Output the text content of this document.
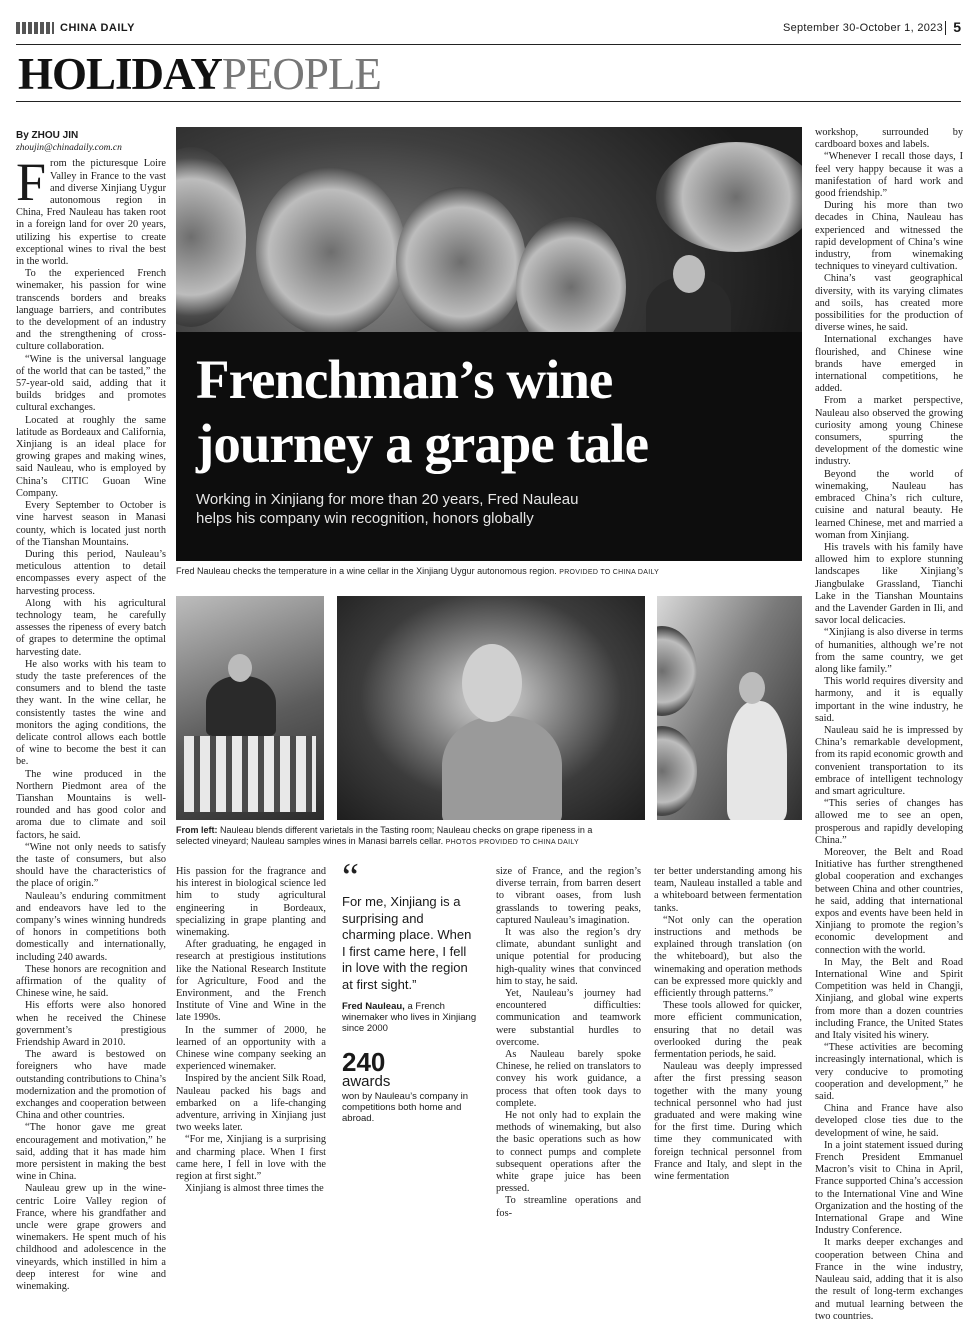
CHINA DAILY	September 30-October 1, 2023 5
HOLIDAYPEOPLE
By ZHOU JIN
zhoujin@chinadaily.com.cn

From the picturesque Loire Valley in France to the vast and diverse Xinjiang Uygur autonomous region in China, Fred Nauleau has taken root in a foreign land for over 20 years, utilizing his expertise to create exceptional wines to rival the best in the world.

To the experienced French winemaker, his passion for wine transcends borders and breaks language barriers, and contributes to the development of an industry and the strengthening of cross-culture collaboration.

“Wine is the universal language of the world that can be tasted,” the 57-year-old said, adding that it builds bridges and promotes cultural exchanges.

Located at roughly the same latitude as Bordeaux and California, Xinjiang is an ideal place for growing grapes and making wines, said Nauleau, who is employed by China’s CITIC Guoan Wine Company.

Every September to October is vine harvest season in Manasi county, which is located just north of the Tianshan Mountains.

During this period, Nauleau’s meticulous attention to detail encompasses every aspect of the harvesting process.

Along with his agricultural technology team, he carefully assesses the ripeness of every batch of grapes to determine the optimal harvesting date.

He also works with his team to study the taste preferences of the consumers and to blend the taste they want. In the wine cellar, he consistently tastes the wine and monitors the aging conditions, the delicate control allows each bottle of wine to become the best it can be.

The wine produced in the Northern Piedmont area of the Tianshan Mountains is well-rounded and has good color and aroma due to climate and soil factors, he said.

“Wine not only needs to satisfy the taste of consumers, but also should have the characteristics of the place of origin.”

Nauleau’s enduring commitment and endeavors have led to the company’s wines winning hundreds of honors in competitions both domestically and internationally, including 240 awards.

These honors are recognition and affirmation of the quality of Chinese wine, he said.

His efforts were also honored when he received the Chinese government’s prestigious Friendship Award in 2010.

The award is bestowed on foreigners who have made outstanding contributions to China’s modernization and the promotion of exchanges and cooperation between China and other countries.

“The honor gave me great encouragement and motivation,” he said, adding that it has made him more persistent in making the best wine in China.

Nauleau grew up in the wine-centric Loire Valley region of France, where his grandfather and uncle were grape growers and winemakers. He spent much of his childhood and adolescence in the vineyards, which instilled in him a deep interest for wine and winemaking.

Frenchman’s wine
journey a grape tale
Working in Xinjiang for more than 20 years, Fred Nauleau
helps his company win recognition, honors globally
Fred Nauleau checks the temperature in a wine cellar in the Xinjiang Uygur autonomous region. PROVIDED TO CHINA DAILY
From left: Nauleau blends different varietals in the Tasting room; Nauleau checks on grape ripeness in a selected vineyard; Nauleau samples wines in Manasi barrels cellar. PHOTOS PROVIDED TO CHINA DAILY

His passion for the fragrance and his interest in biological science led him to study agricultural engineering in Bordeaux, specializing in grape planting and winemaking.

After graduating, he engaged in research at prestigious institutions like the National Research Institute for Agriculture, Food and the Environment, and the French Institute of Vine and Wine in the late 1990s.

In the summer of 2000, he learned of an opportunity with a Chinese wine company seeking an experienced winemaker.

Inspired by the ancient Silk Road, Nauleau packed his bags and embarked on a life-changing adventure, arriving in Xinjiang just two weeks later.

“For me, Xinjiang is a surprising and charming place. When I first came here, I fell in love with the region at first sight.”

Xinjiang is almost three times the

“
For me, Xinjiang is a surprising and charming place. When I first came here, I fell in love with the region at first sight.”
Fred Nauleau, a French winemaker who lives in Xinjiang since 2000
240
awards
won by Nauleau’s company in competitions both home and abroad.

size of France, and the region’s diverse terrain, from barren desert to vibrant oases, from lush grasslands to towering peaks, captured Nauleau’s imagination.

It was also the region’s dry climate, abundant sunlight and unique potential for producing high-quality wines that convinced him to stay, he said.

Yet, Nauleau’s journey had encountered difficulties: communication and teamwork were substantial hurdles to overcome.

As Nauleau barely spoke Chinese, he relied on translators to convey his work guidance, a process that often took days to complete.

He not only had to explain the methods of winemaking, but also the basic operations such as how to connect pumps and complete subsequent operations after the white grape juice has been pressed.

To streamline operations and fos-

ter better understanding among his team, Nauleau installed a table and a whiteboard between fermentation tanks.

“Not only can the operation instructions and methods be explained through translation (on the whiteboard), but also the winemaking and operation methods can be expressed more quickly and efficiently through patterns.”

These tools allowed for quicker, more efficient communication, ensuring that no detail was overlooked during the peak fermentation periods, he said.

Nauleau was deeply impressed after the first pressing season together with the many young technical personnel who had just graduated and were making wine for the first time. During which time they communicated with foreign technical personnel from France and Italy, and slept in the wine fermentation

workshop, surrounded by cardboard boxes and labels.

“Whenever I recall those days, I feel very happy because it was a manifestation of hard work and good friendship.”

During his more than two decades in China, Nauleau has experienced and witnessed the rapid development of China’s wine industry, from winemaking techniques to vineyard cultivation.

China’s vast geographical diversity, with its varying climates and soils, has created more possibilities for the production of diverse wines, he said.

International exchanges have flourished, and Chinese wine brands have emerged in international competitions, he added.

From a market perspective, Nauleau also observed the growing curiosity among young Chinese consumers, spurring the development of the domestic wine industry.

Beyond the world of winemaking, Nauleau has embraced China’s rich culture, cuisine and natural beauty. He learned Chinese, met and married a woman from Xinjiang.

His travels with his family have allowed him to explore stunning landscapes like Xinjiang’s Jiangbulake Grassland, Tianchi Lake in the Tianshan Mountains and the Lavender Garden in Ili, and savor local delicacies.

“Xinjiang is also diverse in terms of humanities, although we’re not from the same country, we get along like family.”

This world requires diversity and harmony, and it is equally important in the wine industry, he said.

Nauleau said he is impressed by China’s remarkable development, from its rapid economic growth and convenient transportation to its embrace of intelligent technology and smart agriculture.

“This series of changes has allowed me to see an open, prosperous and rapidly developing China.”

Moreover, the Belt and Road Initiative has further strengthened global cooperation and exchanges between China and other countries, he said, adding that international expos and events have been held in Xinjiang to promote the region’s economic development and connection with the world.

In May, the Belt and Road International Wine and Spirit Competition was held in Changji, Xinjiang, and global wine experts from more than a dozen countries including France, the United States and Italy visited his winery.

“These activities are becoming increasingly international, which is very conducive to promoting cooperation and development,” he said.

China and France have also developed close ties due to the development of wine, he said.

In a joint statement issued during French President Emmanuel Macron’s visit to China in April, France supported China’s accession to the International Vine and Wine Organization and the hosting of the International Grape and Wine Industry Conference.

It marks deeper exchanges and cooperation between China and France in the wine industry, Nauleau said, adding that it is also the result of long-term exchanges and mutual learning between the two countries.
